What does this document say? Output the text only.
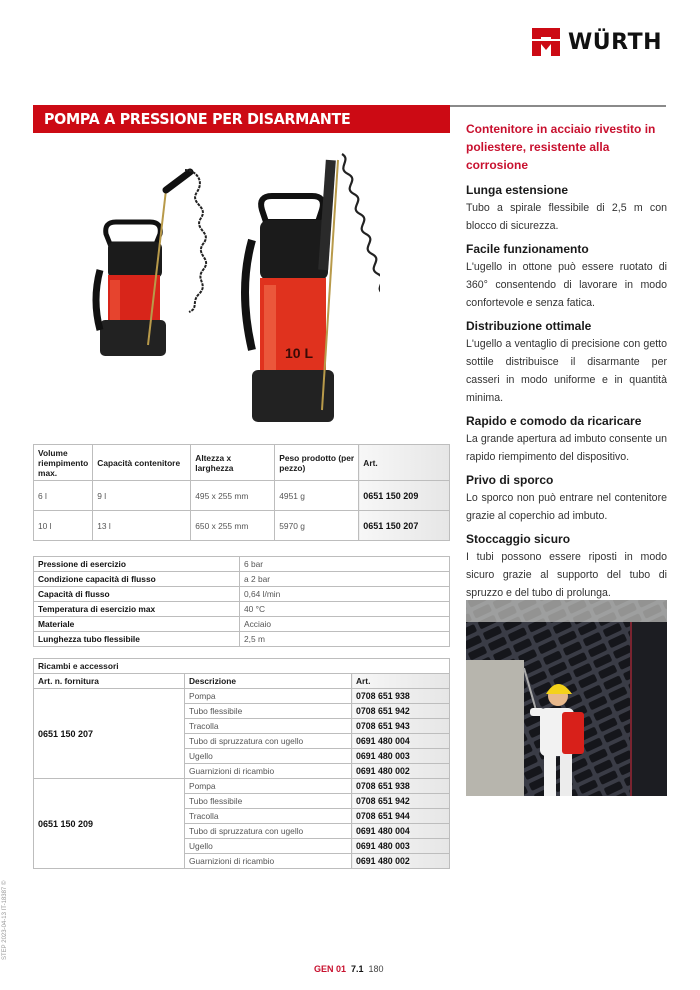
WÜRTH
POMPA A PRESSIONE PER DISARMANTE
10 L
Contenitore in acciaio rivestito in poliestere, resistente alla corrosione
Lunga estensione
Tubo a spirale flessibile di 2,5 m con blocco di sicurezza.
Facile funzionamento
L'ugello in ottone può essere ruotato di 360° consentendo di lavorare in modo confortevole e senza fatica.
Distribuzione ottimale
L'ugello a ventaglio di precisione con getto sottile distribuisce il disarmante per casseri in modo uniforme e in quantità minima.
Rapido e comodo da ricaricare
La grande apertura ad imbuto consente un rapido riempimento del dispositivo.
Privo di sporco
Lo sporco non può entrare nel contenitore grazie al coperchio ad imbuto.
Stoccaggio sicuro
I tubi possono essere riposti in modo sicuro grazie al supporto del tubo di spruzzo e del tubo di prolunga.
Volume riempimento max.	Capacità contenitore	Altezza x larghezza	Peso prodotto (per pezzo)	Art.
6 l	9 l	495 x 255 mm	4951 g	0651 150 209
10 l	13 l	650 x 255 mm	5970 g	0651 150 207
Pressione di esercizio	6 bar
Condizione capacità di flusso	a 2 bar
Capacità di flusso	0,64 l/min
Temperatura di esercizio max	40 °C
Materiale	Acciaio
Lunghezza tubo flessibile	2,5 m
Ricambi e accessori		
Art. n. fornitura	Descrizione	Art.
0651 150 207	Pompa	0708 651 938
	Tubo flessibile	0708 651 942
	Tracolla	0708 651 943
	Tubo di spruzzatura con ugello	0691 480 004
	Ugello	0691 480 003
	Guarnizioni di ricambio	0691 480 002
0651 150 209	Pompa	0708 651 938
	Tubo flessibile	0708 651 942
	Tracolla	0708 651 944
	Tubo di spruzzatura con ugello	0691 480 004
	Ugello	0691 480 003
	Guarnizioni di ricambio	0691 480 002
GEN 01 7.1 180
STEP 2023-04-13 IT-18387 ©
